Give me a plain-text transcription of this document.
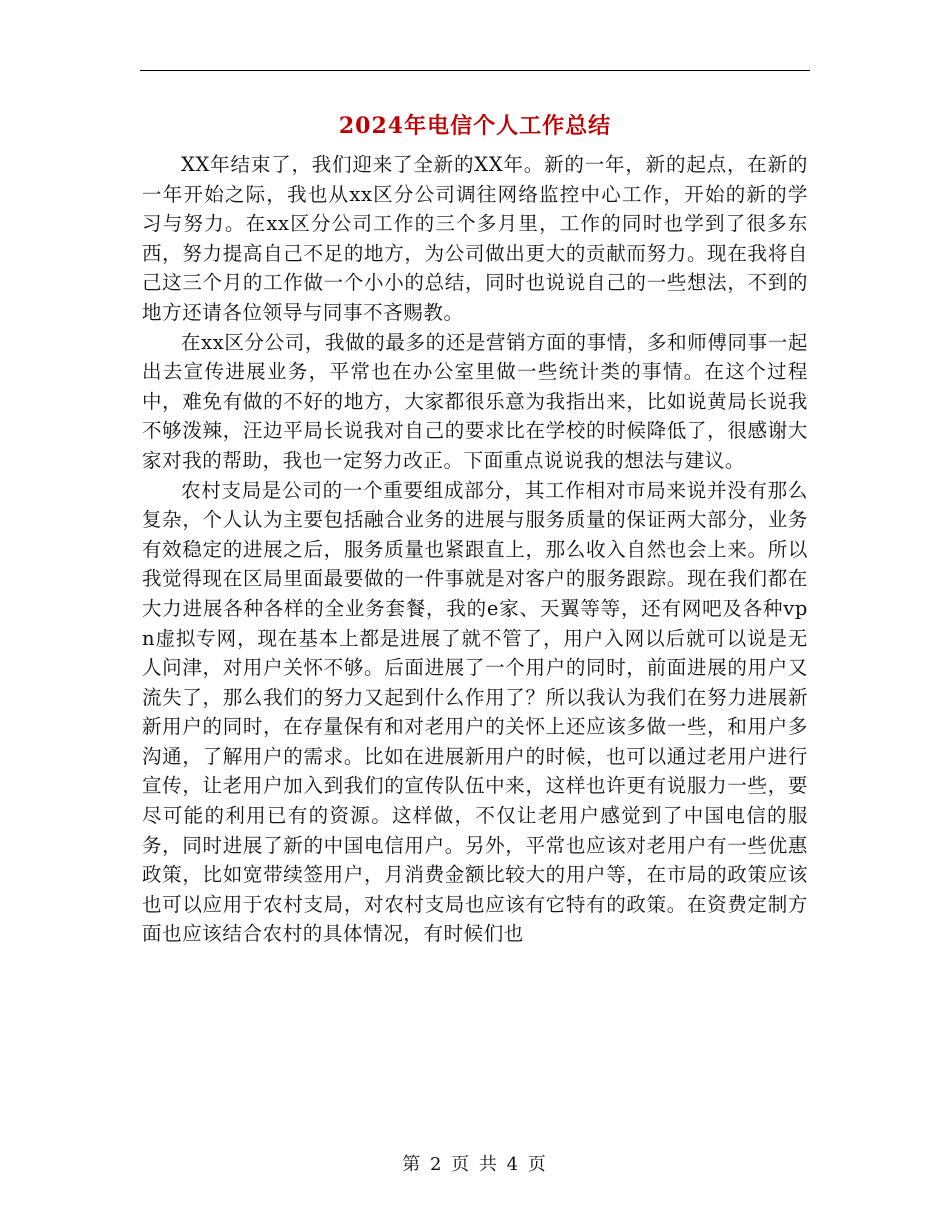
2024年电信个人工作总结

XX年结束了，我们迎来了全新的XX年。新的一年，新的起点，在新的一年开始之际，我也从xx区分公司调往网络监控中心工作，开始的新的学习与努力。在xx区分公司工作的三个多月里，工作的同时也学到了很多东西，努力提高自己不足的地方，为公司做出更大的贡献而努力。现在我将自己这三个月的工作做一个小小的总结，同时也说说自己的一些想法，不到的地方还请各位领导与同事不吝赐教。

在xx区分公司，我做的最多的还是营销方面的事情，多和师傅同事一起出去宣传进展业务，平常也在办公室里做一些统计类的事情。在这个过程中，难免有做的不好的地方，大家都很乐意为我指出来，比如说黄局长说我不够泼辣，汪边平局长说我对自己的要求比在学校的时候降低了，很感谢大家对我的帮助，我也一定努力改正。下面重点说说我的想法与建议。

农村支局是公司的一个重要组成部分，其工作相对市局来说并没有那么复杂，个人认为主要包括融合业务的进展与服务质量的保证两大部分，业务有效稳定的进展之后，服务质量也紧跟直上，那么收入自然也会上来。所以我觉得现在区局里面最要做的一件事就是对客户的服务跟踪。现在我们都在大力进展各种各样的全业务套餐，我的e家、天翼等等，还有网吧及各种vpn虚拟专网，现在基本上都是进展了就不管了，用户入网以后就可以说是无人问津，对用户关怀不够。后面进展了一个用户的同时，前面进展的用户又流失了，那么我们的努力又起到什么作用了？所以我认为我们在努力进展新新用户的同时，在存量保有和对老用户的关怀上还应该多做一些，和用户多沟通，了解用户的需求。比如在进展新用户的时候，也可以通过老用户进行宣传，让老用户加入到我们的宣传队伍中来，这样也许更有说服力一些，要尽可能的利用已有的资源。这样做，不仅让老用户感觉到了中国电信的服务，同时进展了新的中国电信用户。另外，平常也应该对老用户有一些优惠政策，比如宽带续签用户，月消费金额比较大的用户等，在市局的政策应该也可以应用于农村支局，对农村支局也应该有它特有的政策。在资费定制方面也应该结合农村的具体情况，有时候们也

第 2 页 共 4 页
